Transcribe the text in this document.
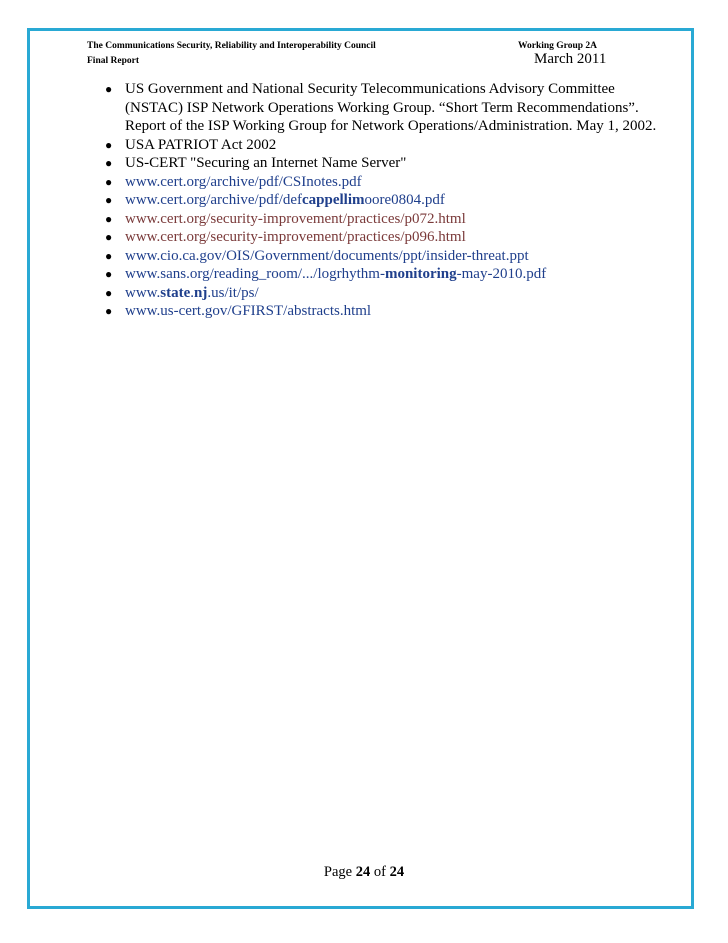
The Communications Security, Reliability and Interoperability Council
Final Report
Working Group 2A
March 2011
● US Government and National Security Telecommunications Advisory Committee
(NSTAC) ISP Network Operations Working Group. “Short Term Recommendations”.
Report of the ISP Working Group for Network Operations/Administration. May 1, 2002.
● USA PATRIOT Act 2002
● US-CERT "Securing an Internet Name Server"
● www.cert.org/archive/pdf/CSInotes.pdf
● www.cert.org/archive/pdf/defcappellimoore0804.pdf
● www.cert.org/security-improvement/practices/p072.html
● www.cert.org/security-improvement/practices/p096.html
● www.cio.ca.gov/OIS/Government/documents/ppt/insider-threat.ppt
● www.sans.org/reading_room/.../logrhythm-monitoring-may-2010.pdf
● www.state.nj.us/it/ps/
● www.us-cert.gov/GFIRST/abstracts.html
Page 24 of 24
